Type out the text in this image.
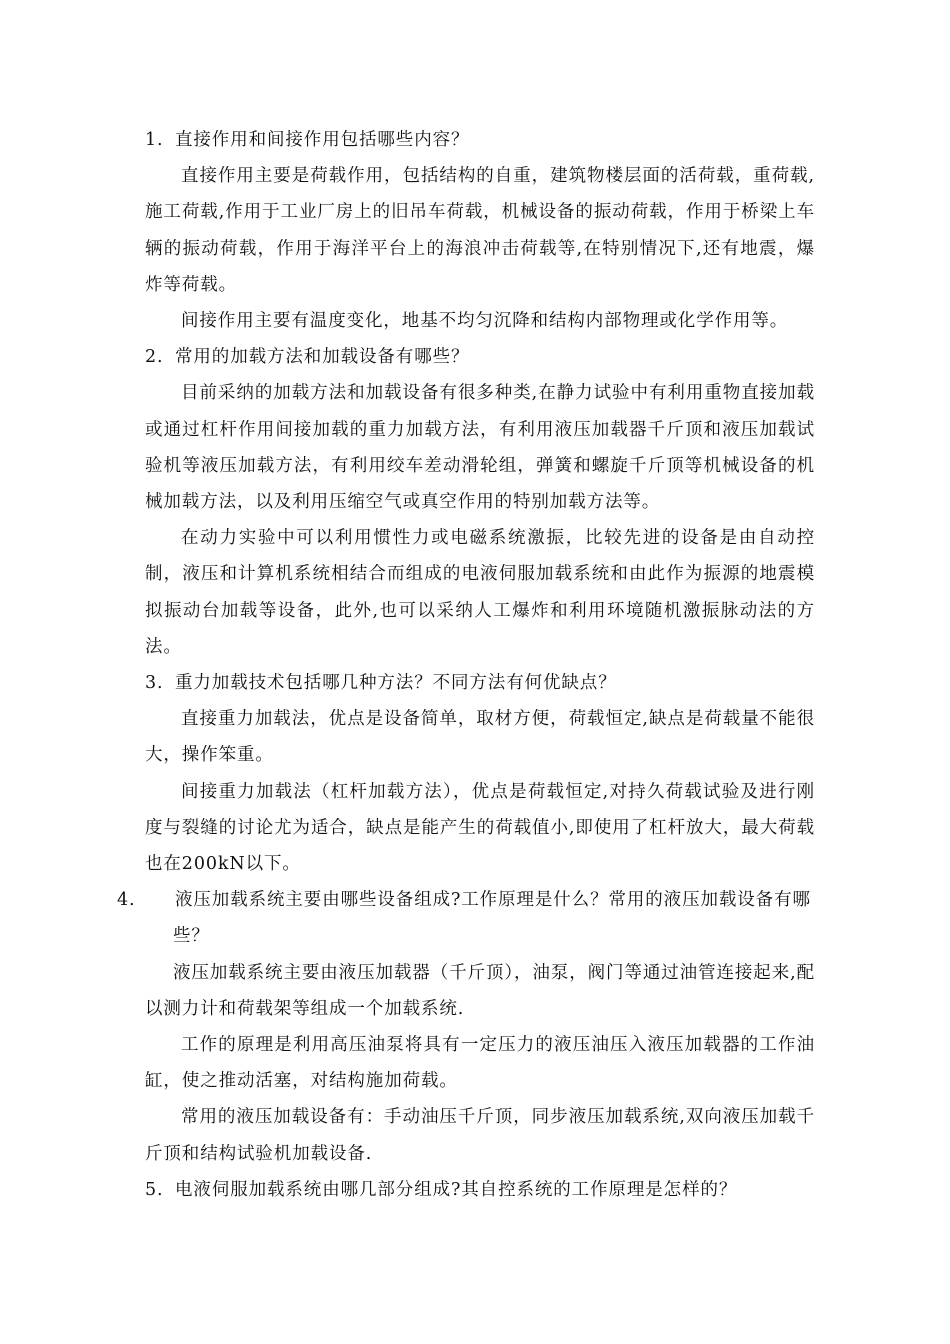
1. 直接作用和间接作用包括哪些内容？

直接作用主要是荷载作用，包括结构的自重，建筑物楼层面的活荷载，重荷载,施工荷载,作用于工业厂房上的旧吊车荷载，机械设备的振动荷载，作用于桥梁上车辆的振动荷载，作用于海洋平台上的海浪冲击荷载等,在特别情况下,还有地震，爆炸等荷载。

间接作用主要有温度变化，地基不均匀沉降和结构内部物理或化学作用等。

2. 常用的加载方法和加载设备有哪些？

目前采纳的加载方法和加载设备有很多种类,在静力试验中有利用重物直接加载或通过杠杆作用间接加载的重力加载方法，有利用液压加载器千斤顶和液压加载试验机等液压加载方法，有利用绞车差动滑轮组，弹簧和螺旋千斤顶等机械设备的机械加载方法，以及利用压缩空气或真空作用的特别加载方法等。

在动力实验中可以利用惯性力或电磁系统激振，比较先进的设备是由自动控制，液压和计算机系统相结合而组成的电液伺服加载系统和由此作为振源的地震模拟振动台加载等设备，此外,也可以采纳人工爆炸和利用环境随机激振脉动法的方法。

3. 重力加载技术包括哪几种方法？不同方法有何优缺点？

直接重力加载法，优点是设备简单，取材方便，荷载恒定,缺点是荷载量不能很大，操作笨重。

间接重力加载法（杠杆加载方法），优点是荷载恒定,对持久荷载试验及进行刚度与裂缝的讨论尤为适合，缺点是能产生的荷载值小,即使用了杠杆放大，最大荷载也在200kN以下。

4. 液压加载系统主要由哪些设备组成?工作原理是什么？常用的液压加载设备有哪些？

液压加载系统主要由液压加载器（千斤顶），油泵，阀门等通过油管连接起来,配以测力计和荷载架等组成一个加载系统.

工作的原理是利用高压油泵将具有一定压力的液压油压入液压加载器的工作油缸，使之推动活塞，对结构施加荷载。

常用的液压加载设备有：手动油压千斤顶，同步液压加载系统,双向液压加载千斤顶和结构试验机加载设备.

5. 电液伺服加载系统由哪几部分组成?其自控系统的工作原理是怎样的？
